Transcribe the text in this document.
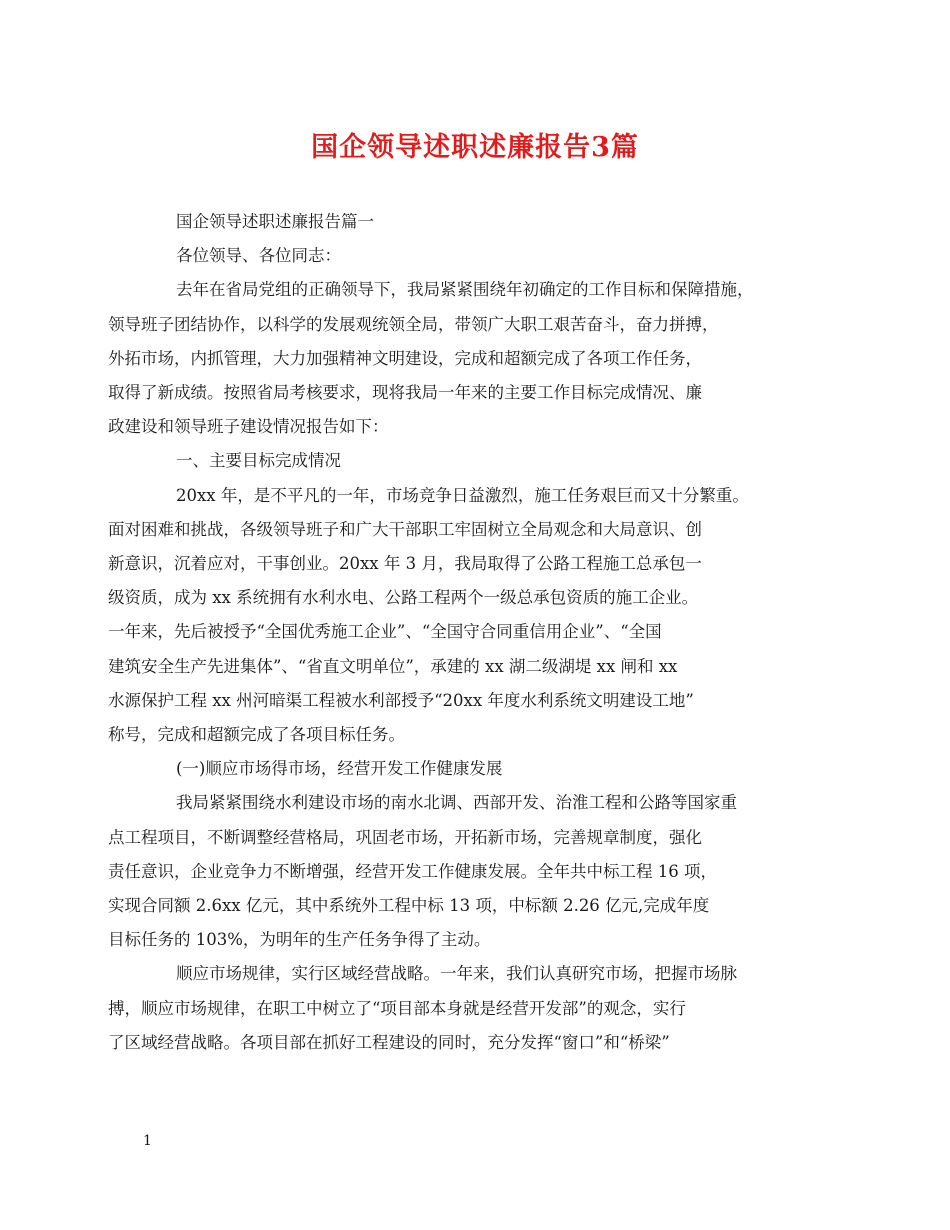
国企领导述职述廉报告3篇

国企领导述职述廉报告篇一

各位领导、各位同志：

去年在省局党组的正确领导下，我局紧紧围绕年初确定的工作目标和保障措施，
领导班子团结协作，以科学的发展观统领全局，带领广大职工艰苦奋斗，奋力拼搏，
外拓市场，内抓管理，大力加强精神文明建设，完成和超额完成了各项工作任务，
取得了新成绩。按照省局考核要求，现将我局一年来的主要工作目标完成情况、廉
政建设和领导班子建设情况报告如下：

一、主要目标完成情况

20xx 年，是不平凡的一年，市场竞争日益激烈，施工任务艰巨而又十分繁重。
面对困难和挑战，各级领导班子和广大干部职工牢固树立全局观念和大局意识、创
新意识，沉着应对，干事创业。20xx 年 3 月，我局取得了公路工程施工总承包一
级资质，成为 xx 系统拥有水利水电、公路工程两个一级总承包资质的施工企业。
一年来，先后被授予“全国优秀施工企业”、“全国守合同重信用企业”、“全国
建筑安全生产先进集体”、“省直文明单位”，承建的 xx 湖二级湖堤 xx 闸和 xx
水源保护工程 xx 州河暗渠工程被水利部授予“20xx 年度水利系统文明建设工地”
称号，完成和超额完成了各项目标任务。

(一)顺应市场得市场，经营开发工作健康发展

我局紧紧围绕水利建设市场的南水北调、西部开发、治淮工程和公路等国家重
点工程项目，不断调整经营格局，巩固老市场，开拓新市场，完善规章制度，强化
责任意识，企业竞争力不断增强，经营开发工作健康发展。全年共中标工程 16 项，
实现合同额 2.6xx 亿元，其中系统外工程中标 13 项，中标额 2.26 亿元,完成年度
目标任务的 103%，为明年的生产任务争得了主动。

顺应市场规律，实行区域经营战略。一年来，我们认真研究市场，把握市场脉
搏，顺应市场规律，在职工中树立了“项目部本身就是经营开发部”的观念，实行
了区域经营战略。各项目部在抓好工程建设的同时，充分发挥“窗口”和“桥梁”

1
